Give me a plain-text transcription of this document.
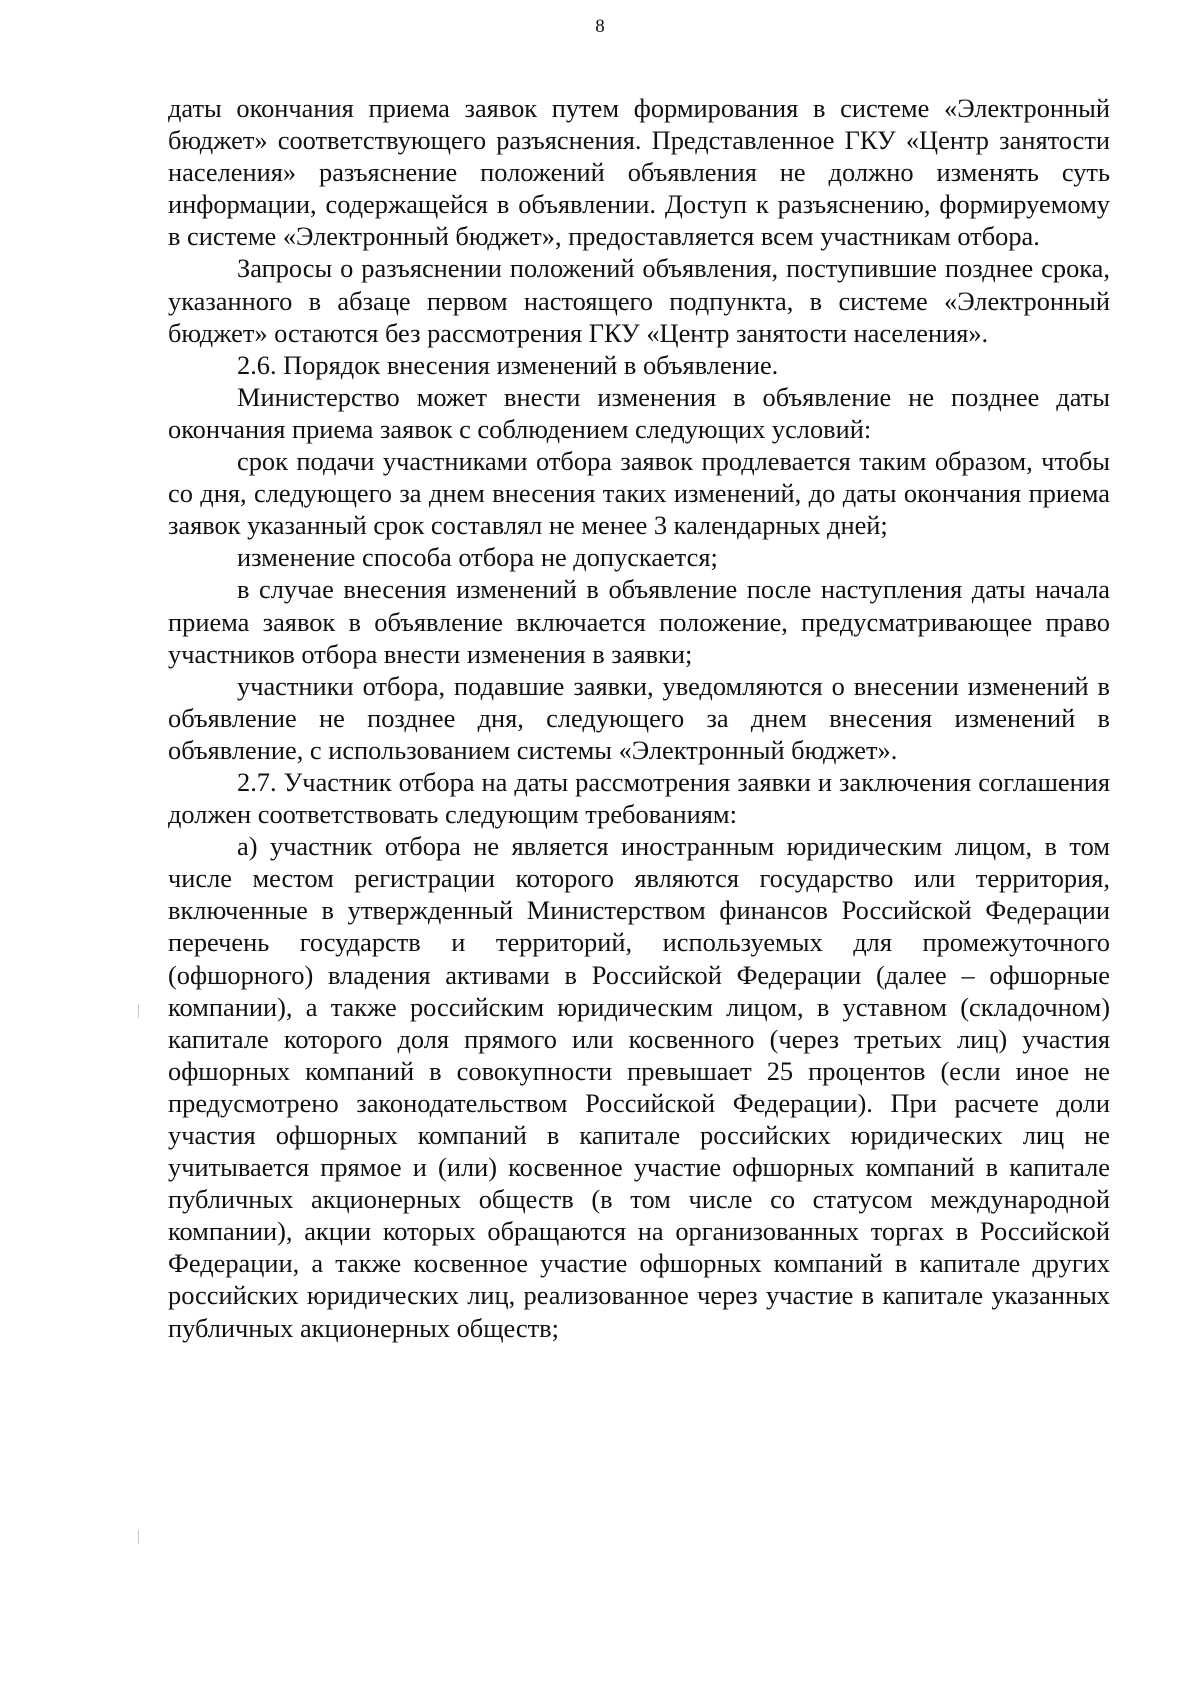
8

даты окончания приема заявок путем формирования в системе «Электронный бюджет» соответствующего разъяснения. Представленное ГКУ «Центр занятости населения» разъяснение положений объявления не должно изменять суть информации, содержащейся в объявлении. Доступ к разъяснению, формируемому в системе «Электронный бюджет», предоставляется всем участникам отбора.

Запросы о разъяснении положений объявления, поступившие позднее срока, указанного в абзаце первом настоящего подпункта, в системе «Электронный бюджет» остаются без рассмотрения ГКУ «Центр занятости населения».

2.6. Порядок внесения изменений в объявление.

Министерство может внести изменения в объявление не позднее даты окончания приема заявок с соблюдением следующих условий:

срок подачи участниками отбора заявок продлевается таким образом, чтобы со дня, следующего за днем внесения таких изменений, до даты окончания приема заявок указанный срок составлял не менее 3 календарных дней;

изменение способа отбора не допускается;

в случае внесения изменений в объявление после наступления даты начала приема заявок в объявление включается положение, предусматривающее право участников отбора внести изменения в заявки;

участники отбора, подавшие заявки, уведомляются о внесении изменений в объявление не позднее дня, следующего за днем внесения изменений в объявление, с использованием системы «Электронный бюджет».

2.7. Участник отбора на даты рассмотрения заявки и заключения соглашения должен соответствовать следующим требованиям:

а) участник отбора не является иностранным юридическим лицом, в том числе местом регистрации которого являются государство или территория, включенные в утвержденный Министерством финансов Российской Федерации перечень государств и территорий, используемых для промежуточного (офшорного) владения активами в Российской Федерации (далее – офшорные компании), а также российским юридическим лицом, в уставном (складочном) капитале которого доля прямого или косвенного (через третьих лиц) участия офшорных компаний в совокупности превышает 25 процентов (если иное не предусмотрено законодательством Российской Федерации). При расчете доли участия офшорных компаний в капитале российских юридических лиц не учитывается прямое и (или) косвенное участие офшорных компаний в капитале публичных акционерных обществ (в том числе со статусом международной компании), акции которых обращаются на организованных торгах в Российской Федерации, а также косвенное участие офшорных компаний в капитале других российских юридических лиц, реализованное через участие в капитале указанных публичных акционерных обществ;
